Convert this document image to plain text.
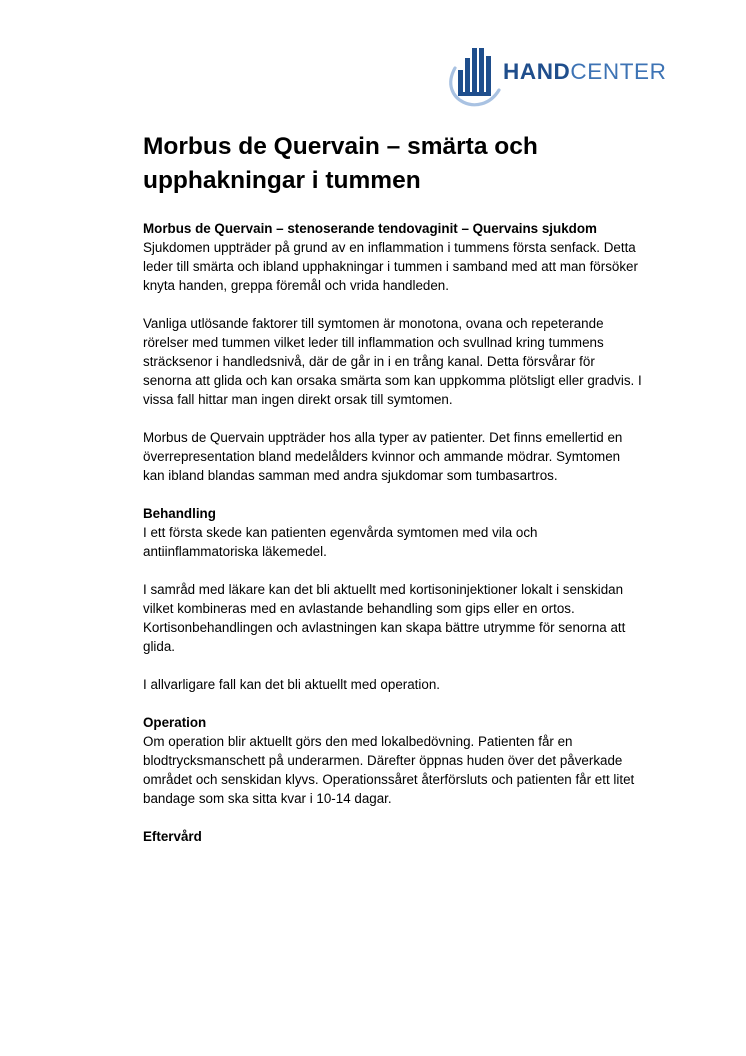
HANDCENTER
Morbus de Quervain – smärta och upphakningar i tummen

Morbus de Quervain – stenoserande tendovaginit – Quervains sjukdom
Sjukdomen uppträder på grund av en inflammation i tummens första senfack. Detta leder till smärta och ibland upphakningar i tummen i samband med att man försöker knyta handen, greppa föremål och vrida handleden.

Vanliga utlösande faktorer till symtomen är monotona, ovana och repeterande rörelser med tummen vilket leder till inflammation och svullnad kring tummens sträcksenor i handledsnivå, där de går in i en trång kanal. Detta försvårar för senorna att glida och kan orsaka smärta som kan uppkomma plötsligt eller gradvis. I vissa fall hittar man ingen direkt orsak till symtomen.

Morbus de Quervain uppträder hos alla typer av patienter. Det finns emellertid en överrepresentation bland medelålders kvinnor och ammande mödrar. Symtomen kan ibland blandas samman med andra sjukdomar som tumbasartros.

Behandling
I ett första skede kan patienten egenvårda symtomen med vila och antiinflammatoriska läkemedel.

I samråd med läkare kan det bli aktuellt med kortisoninjektioner lokalt i senskidan vilket kombineras med en avlastande behandling som gips eller en ortos. Kortisonbehandlingen och avlastningen kan skapa bättre utrymme för senorna att glida.

I allvarligare fall kan det bli aktuellt med operation.

Operation
Om operation blir aktuellt görs den med lokalbedövning. Patienten får en blodtrycksmanschett på underarmen. Därefter öppnas huden över det påverkade området och senskidan klyvs. Operationssåret återförsluts och patienten får ett litet bandage som ska sitta kvar i 10-14 dagar.

Eftervård
